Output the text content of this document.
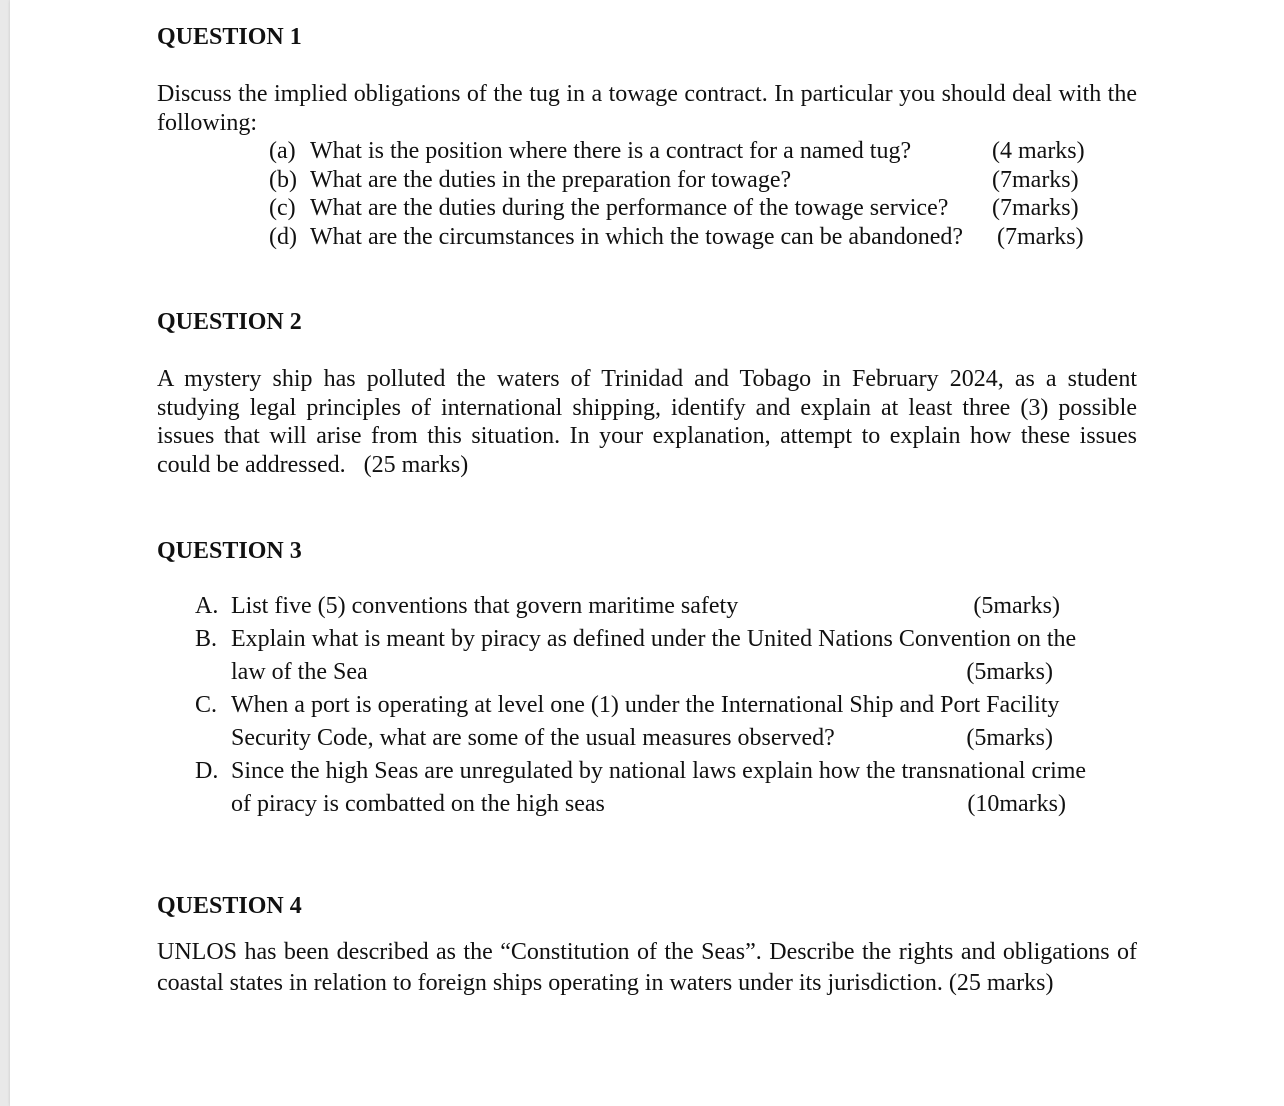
QUESTION 1

Discuss the implied obligations of the tug in a towage contract. In particular you should deal with the following:

(a) What is the position where there is a contract for a named tug?	(4 marks)
(b) What are the duties in the preparation for towage?	(7marks)
(c) What are the duties during the performance of the towage service?	(7marks)
(d) What are the circumstances in which the towage can be abandoned?	(7marks)

QUESTION 2

A mystery ship has polluted the waters of Trinidad and Tobago in February 2024, as a student studying legal principles of international shipping, identify and explain at least three (3) possible issues that will arise from this situation. In your explanation, attempt to explain how these issues could be addressed. (25 marks)

QUESTION 3

A. List five (5) conventions that govern maritime safety	(5marks)
B. Explain what is meant by piracy as defined under the United Nations Convention on the
law of the Sea	(5marks)
C. When a port is operating at level one (1) under the International Ship and Port Facility
Security Code, what are some of the usual measures observed?	(5marks)
D. Since the high Seas are unregulated by national laws explain how the transnational crime
of piracy is combatted on the high seas	(10marks)

QUESTION 4

UNLOS has been described as the “Constitution of the Seas”. Describe the rights and obligations of coastal states in relation to foreign ships operating in waters under its jurisdiction. (25 marks)
